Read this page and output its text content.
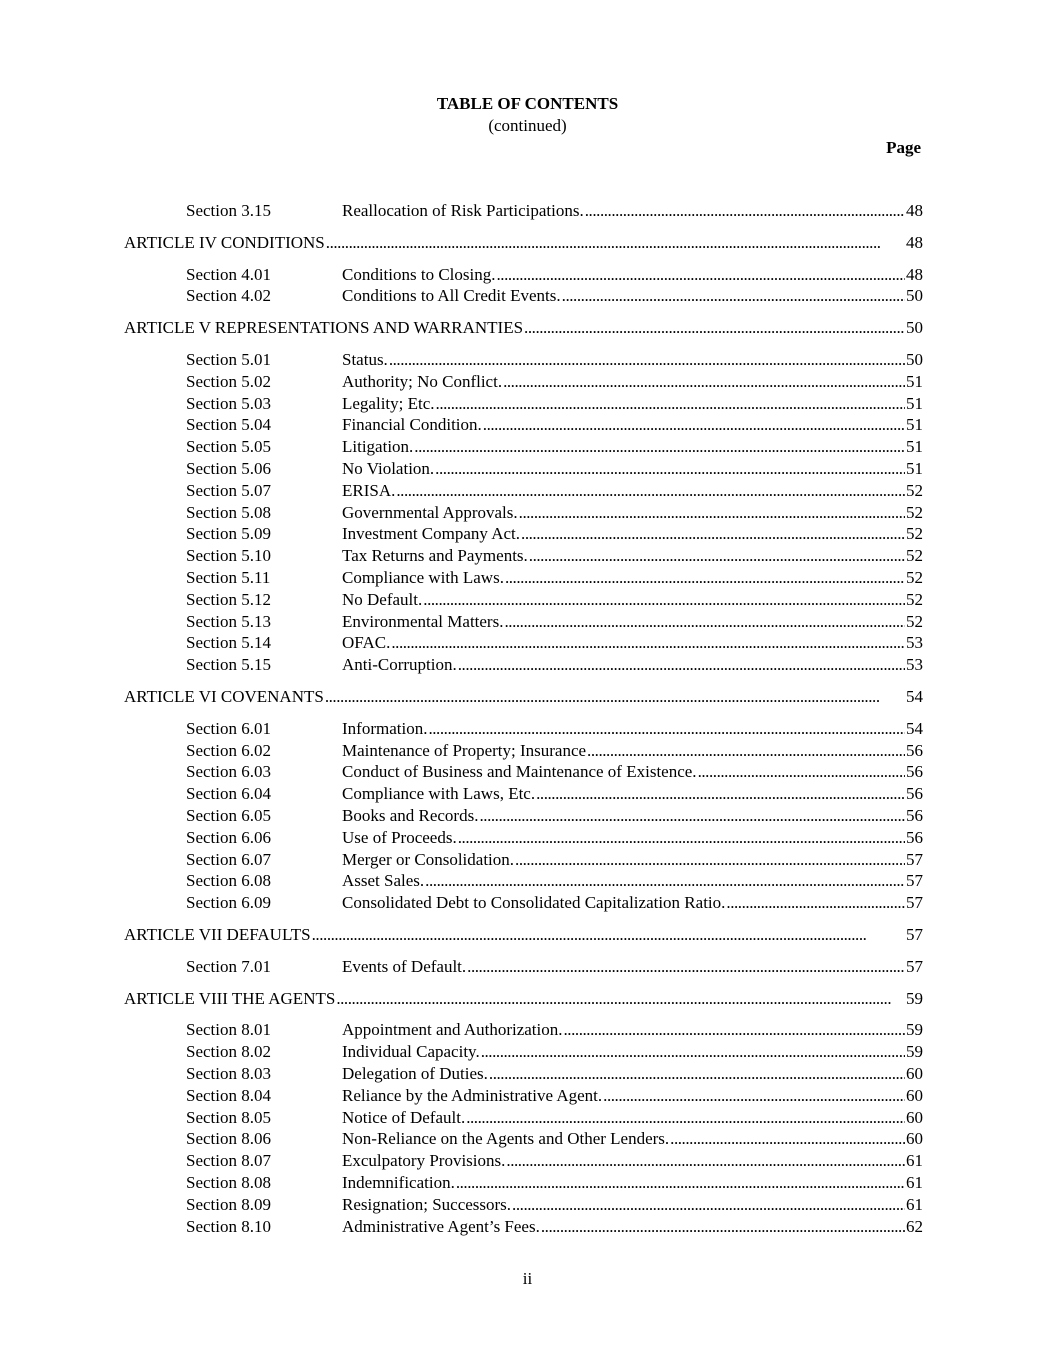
TABLE OF CONTENTS
(continued)
Page
Section 3.15	Reallocation of Risk Participations. . . .	48
ARTICLE IV CONDITIONS . . .	48
Section 4.01	Conditions to Closing. . . .	48
Section 4.02	Conditions to All Credit Events. . . .	50
ARTICLE V REPRESENTATIONS AND WARRANTIES . . .	50
Section 5.01	Status. . . .	50
Section 5.02	Authority; No Conflict. . . .	51
Section 5.03	Legality; Etc. . . .	51
Section 5.04	Financial Condition. . . .	51
Section 5.05	Litigation. . . .	51
Section 5.06	No Violation. . . .	51
Section 5.07	ERISA. . . .	52
Section 5.08	Governmental Approvals. . . .	52
Section 5.09	Investment Company Act. . . .	52
Section 5.10	Tax Returns and Payments. . . .	52
Section 5.11	Compliance with Laws. . . .	52
Section 5.12	No Default. . . .	52
Section 5.13	Environmental Matters. . . .	52
Section 5.14	OFAC. . . .	53
Section 5.15	Anti-Corruption. . . .	53
ARTICLE VI COVENANTS . . .	54
Section 6.01	Information. . . .	54
Section 6.02	Maintenance of Property; Insurance . . .	56
Section 6.03	Conduct of Business and Maintenance of Existence. . . .	56
Section 6.04	Compliance with Laws, Etc. . . .	56
Section 6.05	Books and Records. . . .	56
Section 6.06	Use of Proceeds. . . .	56
Section 6.07	Merger or Consolidation. . . .	57
Section 6.08	Asset Sales. . . .	57
Section 6.09	Consolidated Debt to Consolidated Capitalization Ratio. . . .	57
ARTICLE VII DEFAULTS . . .	57
Section 7.01	Events of Default. . . .	57
ARTICLE VIII THE AGENTS . . .	59
Section 8.01	Appointment and Authorization. . . .	59
Section 8.02	Individual Capacity. . . .	59
Section 8.03	Delegation of Duties. . . .	60
Section 8.04	Reliance by the Administrative Agent. . . .	60
Section 8.05	Notice of Default. . . .	60
Section 8.06	Non-Reliance on the Agents and Other Lenders. . . .	60
Section 8.07	Exculpatory Provisions. . . .	61
Section 8.08	Indemnification. . . .	61
Section 8.09	Resignation; Successors. . . .	61
Section 8.10	Administrative Agent’s Fees. . . .	62
ii
